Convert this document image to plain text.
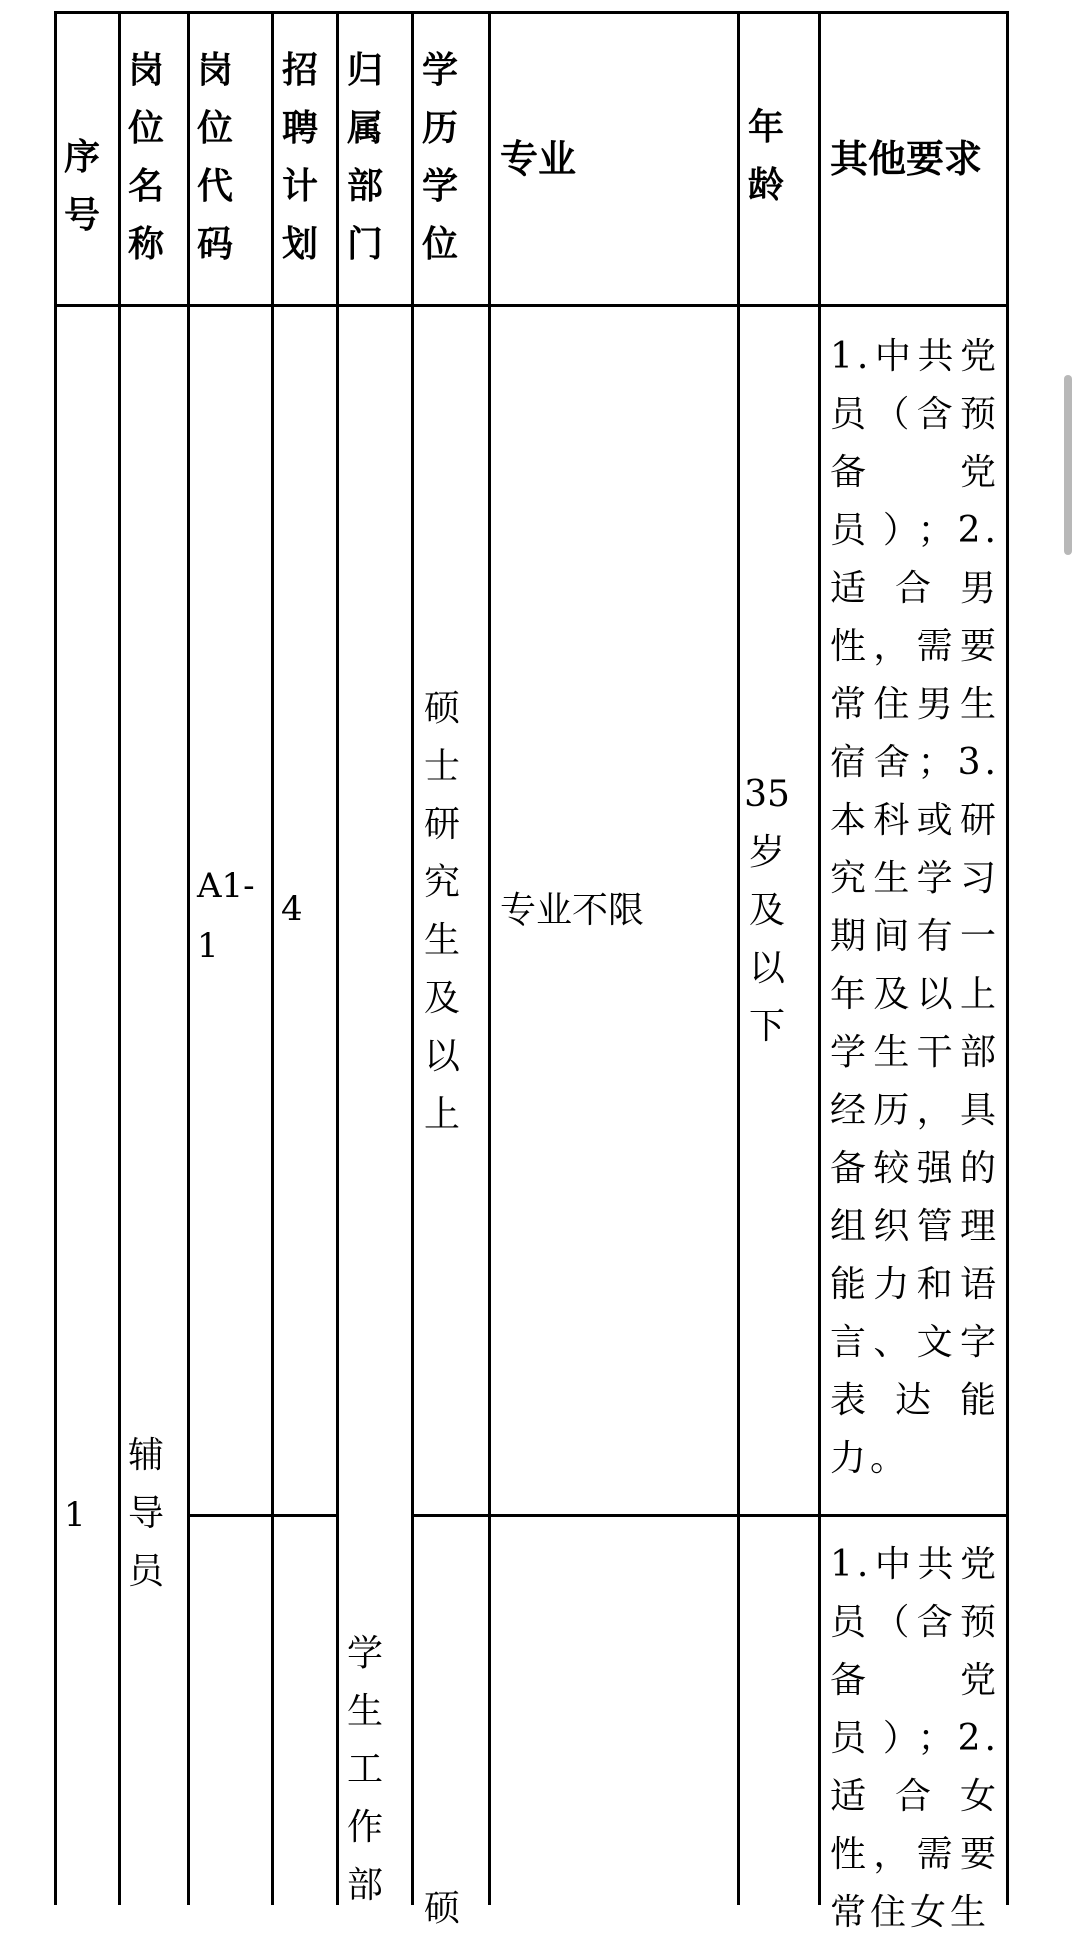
序号
岗位名称
岗位代码
招聘计划
归属部门
学历学位
专业
年龄
其他要求
1
辅导员
学生工作部
A1-1
4
硕士研究生及以上
专业不限
35岁及以下
1.中共党员（含预备党员）；2.适合男性，需要常住男生宿舍；3.本科或研究生学习期间有一年及以上学生干部经历，具备较强的组织管理能力和语言、文字表达能力。
硕
1.中共党员（含预备党员）；2.适合女性，需要常住女生
